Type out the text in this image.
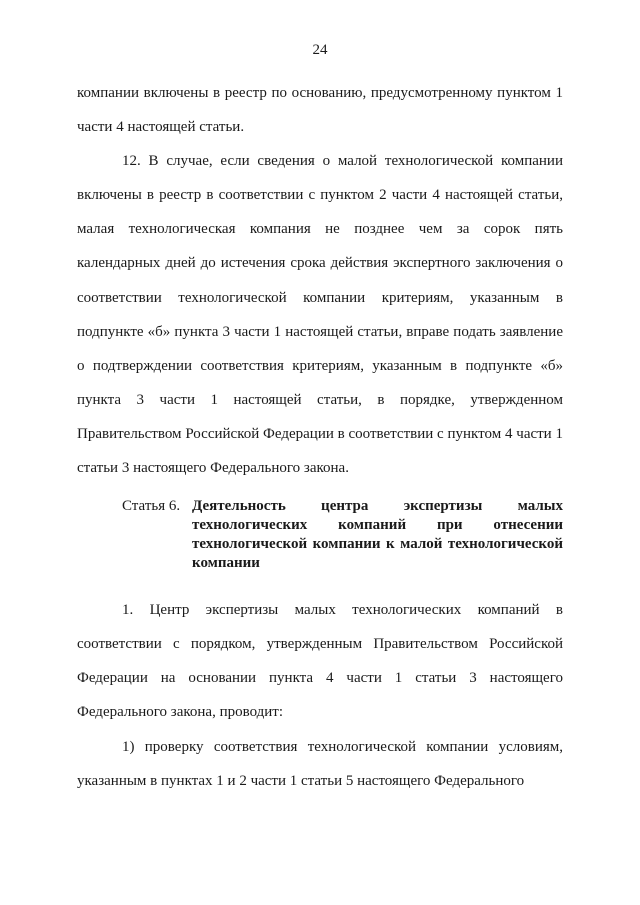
24

компании включены в реестр по основанию, предусмотренному пунктом 1 части 4 настоящей статьи.

12. В случае, если сведения о малой технологической компании включены в реестр в соответствии с пунктом 2 части 4 настоящей статьи, малая технологическая компания не позднее чем за сорок пять календарных дней до истечения срока действия экспертного заключения о соответствии технологической компании критериям, указанным в подпункте «б» пункта 3 части 1 настоящей статьи, вправе подать заявление о подтверждении соответствия критериям, указанным в подпункте «б» пункта 3 части 1 настоящей статьи, в порядке, утвержденном Правительством Российской Федерации в соответствии с пунктом 4 части 1 статьи 3 настоящего Федерального закона.

Статья 6. Деятельность центра экспертизы малых технологических компаний при отнесении технологической компании к малой технологической компании

1. Центр экспертизы малых технологических компаний в соответствии с порядком, утвержденным Правительством Российской Федерации на основании пункта 4 части 1 статьи 3 настоящего Федерального закона, проводит:

1) проверку соответствия технологической компании условиям, указанным в пунктах 1 и 2 части 1 статьи 5 настоящего Федерального
